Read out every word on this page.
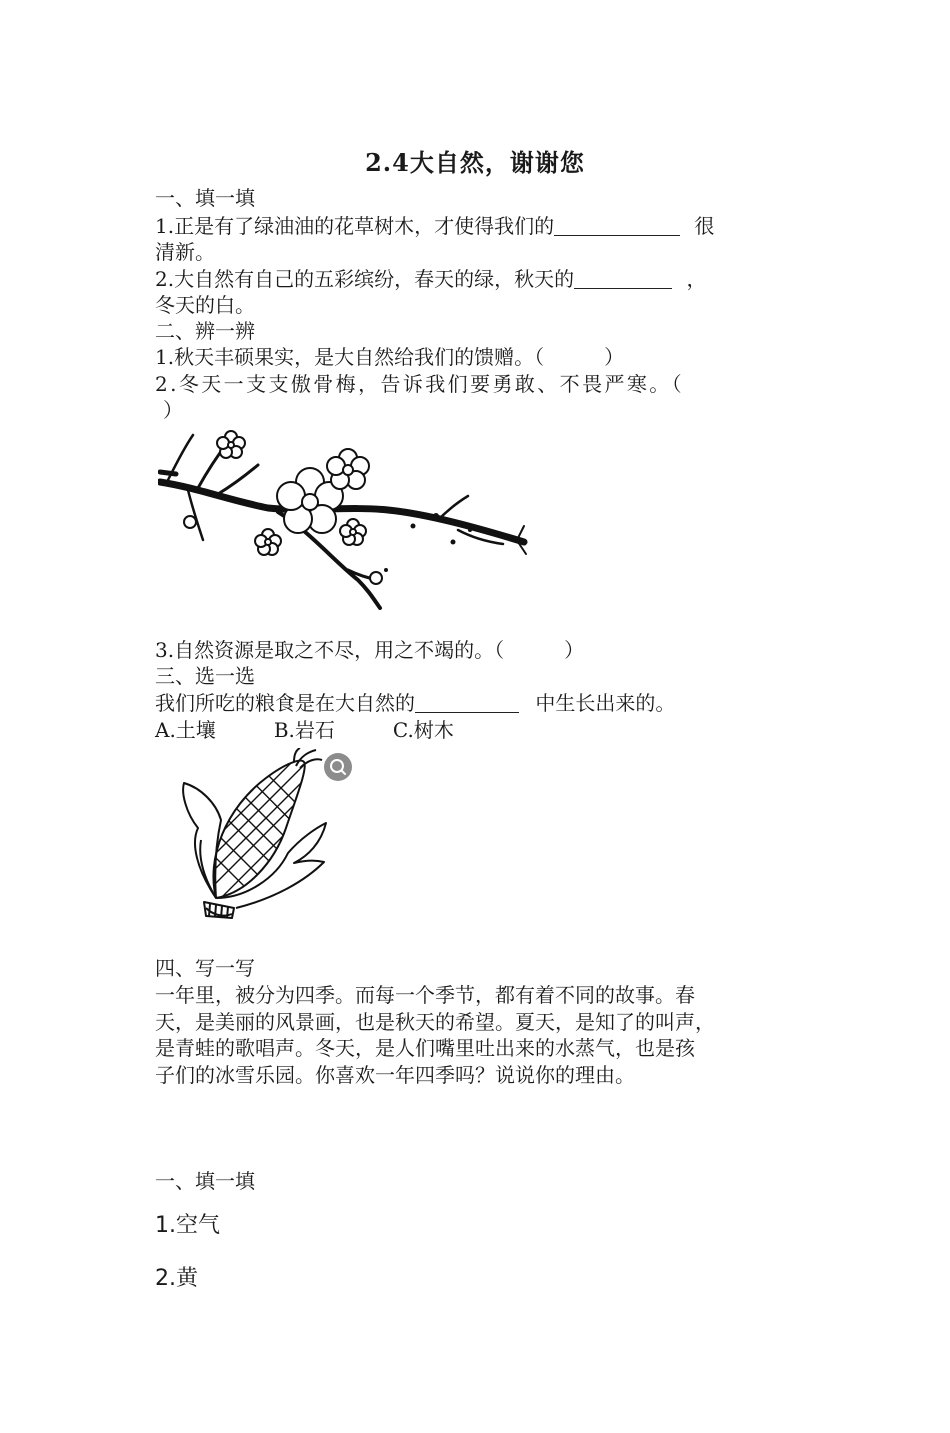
2.4大自然，谢谢您
一、填一填
1.正是有了绿油油的花草树木，才使得我们的	很
清新。
2.大自然有自己的五彩缤纷，春天的绿，秋天的	，
冬天的白。
二、辨一辨
1.秋天丰硕果实，是大自然给我们的馈赠。（　　　）
2.冬天一支支傲骨梅，告诉我们要勇敢、不畏严寒。（
）
3.自然资源是取之不尽，用之不竭的。（　　　）
三、选一选
我们所吃的粮食是在大自然的	中生长出来的。
A.土壤	B.岩石	C.树木
四、写一写
一年里，被分为四季。而每一个季节，都有着不同的故事。春
天，是美丽的风景画，也是秋天的希望。夏天，是知了的叫声，
是青蛙的歌唱声。冬天，是人们嘴里吐出来的水蒸气，也是孩
子们的冰雪乐园。你喜欢一年四季吗？说说你的理由。
一、填一填
1.空气
2.黄
